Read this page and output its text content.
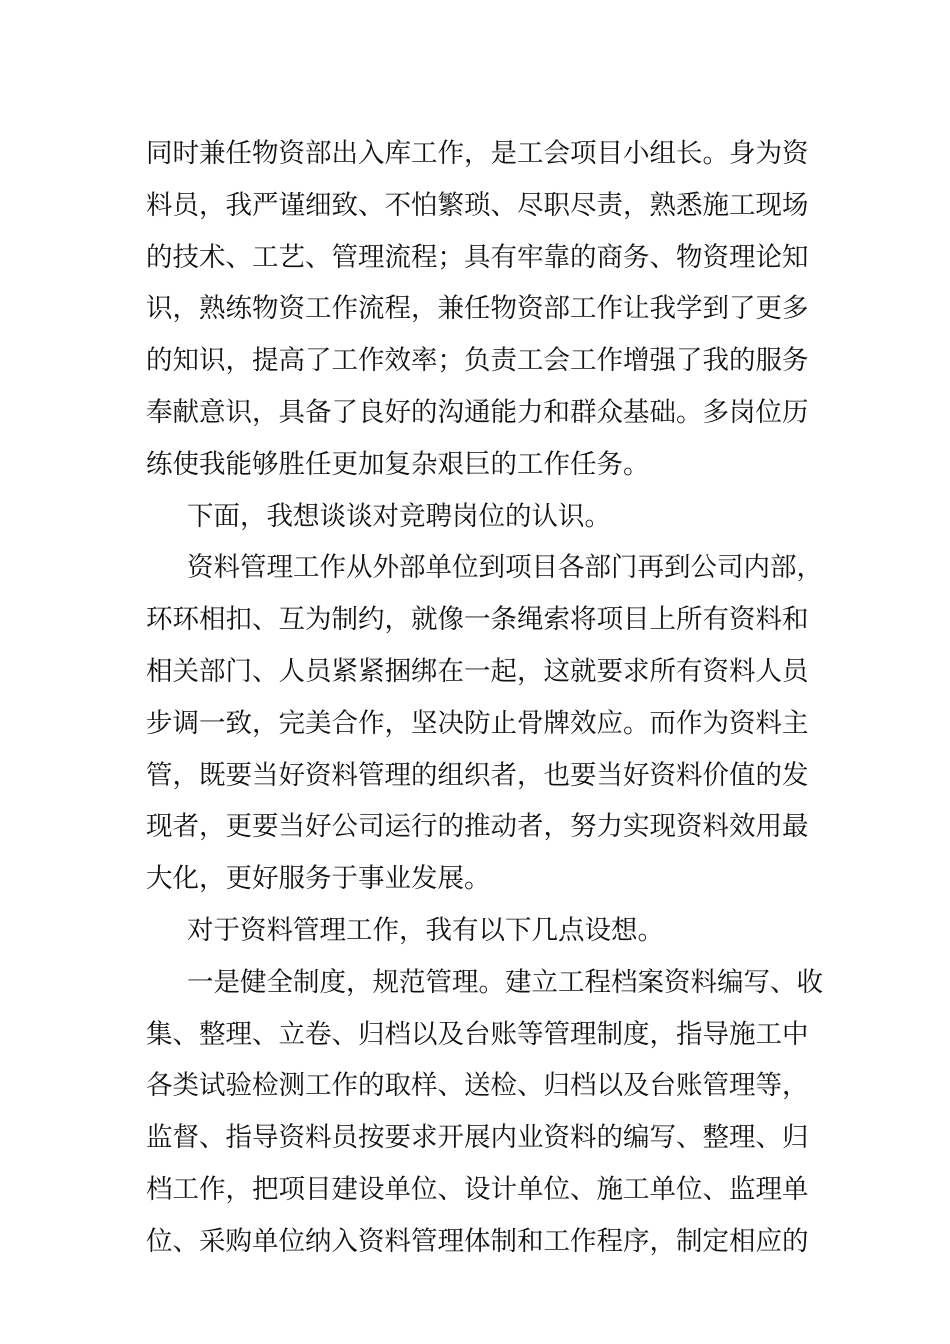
同时兼任物资部出入库工作，是工会项目小组长。身为资
料员，我严谨细致、不怕繁琐、尽职尽责，熟悉施工现场
的技术、工艺、管理流程；具有牢靠的商务、物资理论知
识，熟练物资工作流程，兼任物资部工作让我学到了更多
的知识，提高了工作效率；负责工会工作增强了我的服务
奉献意识，具备了良好的沟通能力和群众基础。多岗位历
练使我能够胜任更加复杂艰巨的工作任务。
下面，我想谈谈对竞聘岗位的认识。
资料管理工作从外部单位到项目各部门再到公司内部，
环环相扣、互为制约，就像一条绳索将项目上所有资料和
相关部门、人员紧紧捆绑在一起，这就要求所有资料人员
步调一致，完美合作，坚决防止骨牌效应。而作为资料主
管，既要当好资料管理的组织者，也要当好资料价值的发
现者，更要当好公司运行的推动者，努力实现资料效用最
大化，更好服务于事业发展。
对于资料管理工作，我有以下几点设想。
一是健全制度，规范管理。建立工程档案资料编写、收
集、整理、立卷、归档以及台账等管理制度，指导施工中
各类试验检测工作的取样、送检、归档以及台账管理等，
监督、指导资料员按要求开展内业资料的编写、整理、归
档工作，把项目建设单位、设计单位、施工单位、监理单
位、采购单位纳入资料管理体制和工作程序，制定相应的
